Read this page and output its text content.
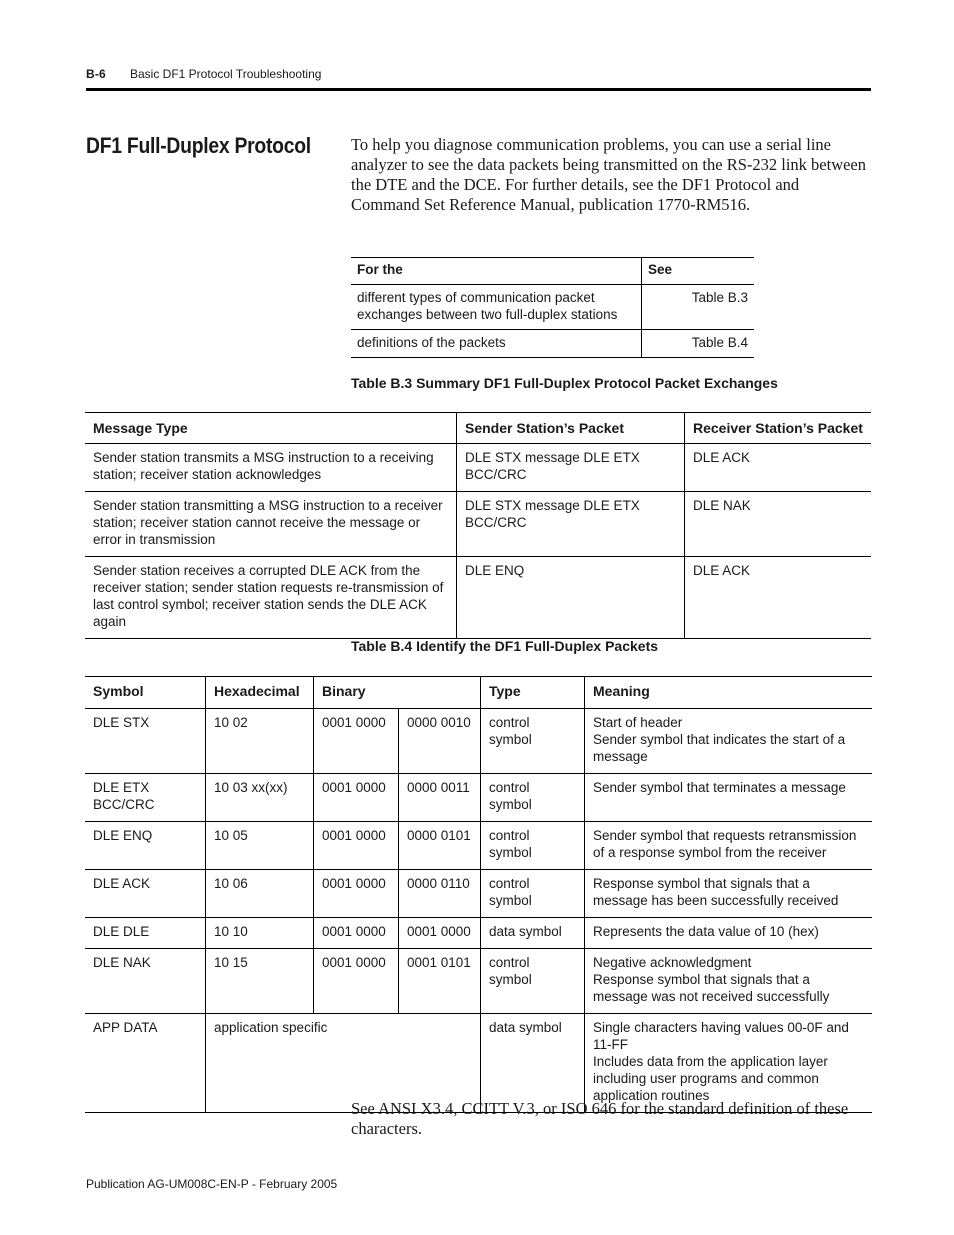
B-6 Basic DF1 Protocol Troubleshooting
DF1 Full-Duplex Protocol To help you diagnose communication problems, you can use a serial line analyzer to see the data packets being transmitted on the RS-232 link between the DTE and the DCE. For further details, see the DF1 Protocol and Command Set Reference Manual, publication 1770-RM516.
For the	See
different types of communication packet exchanges between two full-duplex stations	Table B.3
definitions of the packets	Table B.4
Table B.3 Summary DF1 Full-Duplex Protocol Packet Exchanges
Message Type	Sender Station’s Packet	Receiver Station’s Packet
Sender station transmits a MSG instruction to a receiving station; receiver station acknowledges	DLE STX message DLE ETX BCC/CRC	DLE ACK
Sender station transmitting a MSG instruction to a receiver station; receiver station cannot receive the message or error in transmission	DLE STX message DLE ETX BCC/CRC	DLE NAK
Sender station receives a corrupted DLE ACK from the receiver station; sender station requests re-transmission of last control symbol; receiver station sends the DLE ACK again	DLE ENQ	DLE ACK
Table B.4 Identify the DF1 Full-Duplex Packets
Symbol	Hexadecimal	Binary		Type	Meaning
DLE STX	10 02	0001 0000	0000 0010	control symbol	Start of header
Sender symbol that indicates the start of a message

DLE ETX BCC/CRC	10 03 xx(xx)	0001 0000	0000 0011	control symbol	Sender symbol that terminates a message

DLE ENQ	10 05	0001 0000	0000 0101	control symbol	Sender symbol that requests retransmission of a response symbol from the receiver

DLE ACK	10 06	0001 0000	0000 0110	control symbol	Response symbol that signals that a message has been successfully received

DLE DLE	10 10	0001 0000	0001 0000	data symbol	Represents the data value of 10 (hex)

DLE NAK	10 15	0001 0000	0001 0101	control symbol	Negative acknowledgment
Response symbol that signals that a message was not received successfully

APP DATA	application specific			data symbol	Single characters having values 00-0F and 11-FF
Includes data from the application layer including user programs and common application routines
See ANSI X3.4, CCITT V.3, or ISO 646 for the standard definition of these characters.
Publication AG-UM008C-EN-P - February 2005
